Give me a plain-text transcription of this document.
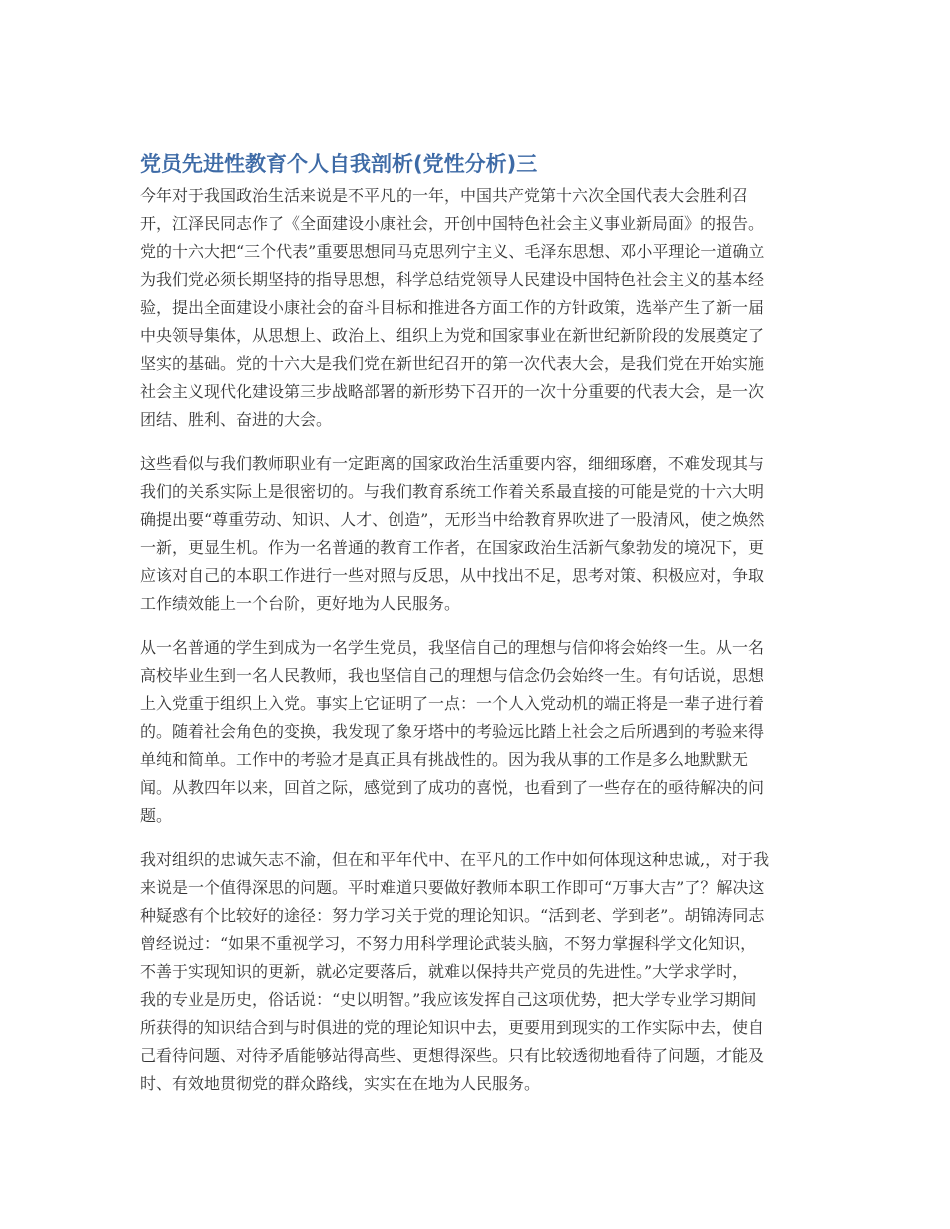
党员先进性教育个人自我剖析(党性分析)三

今年对于我国政治生活来说是不平凡的一年，中国共产党第十六次全国代表大会胜利召
开，江泽民同志作了《全面建设小康社会，开创中国特色社会主义事业新局面》的报告。
党的十六大把“三个代表”重要思想同马克思列宁主义、毛泽东思想、邓小平理论一道确立
为我们党必须长期坚持的指导思想，科学总结党领导人民建设中国特色社会主义的基本经
验，提出全面建设小康社会的奋斗目标和推进各方面工作的方针政策，选举产生了新一届
中央领导集体，从思想上、政治上、组织上为党和国家事业在新世纪新阶段的发展奠定了
坚实的基础。党的十六大是我们党在新世纪召开的第一次代表大会，是我们党在开始实施
社会主义现代化建设第三步战略部署的新形势下召开的一次十分重要的代表大会，是一次
团结、胜利、奋进的大会。

这些看似与我们教师职业有一定距离的国家政治生活重要内容，细细琢磨，不难发现其与
我们的关系实际上是很密切的。与我们教育系统工作着关系最直接的可能是党的十六大明
确提出要“尊重劳动、知识、人才、创造”，无形当中给教育界吹进了一股清风，使之焕然
一新，更显生机。作为一名普通的教育工作者，在国家政治生活新气象勃发的境况下，更
应该对自己的本职工作进行一些对照与反思，从中找出不足，思考对策、积极应对，争取
工作绩效能上一个台阶，更好地为人民服务。

从一名普通的学生到成为一名学生党员，我坚信自己的理想与信仰将会始终一生。从一名
高校毕业生到一名人民教师，我也坚信自己的理想与信念仍会始终一生。有句话说，思想
上入党重于组织上入党。事实上它证明了一点：一个人入党动机的端正将是一辈子进行着
的。随着社会角色的变换，我发现了象牙塔中的考验远比踏上社会之后所遇到的考验来得
单纯和简单。工作中的考验才是真正具有挑战性的。因为我从事的工作是多么地默默无
闻。从教四年以来，回首之际，感觉到了成功的喜悦，也看到了一些存在的亟待解决的问
题。

我对组织的忠诚矢志不渝，但在和平年代中、在平凡的工作中如何体现这种忠诚,，对于我
来说是一个值得深思的问题。平时难道只要做好教师本职工作即可“万事大吉”了？解决这
种疑惑有个比较好的途径：努力学习关于党的理论知识。“活到老、学到老”。胡锦涛同志
曾经说过：“如果不重视学习，不努力用科学理论武装头脑，不努力掌握科学文化知识，
不善于实现知识的更新，就必定要落后，就难以保持共产党员的先进性。”大学求学时，
我的专业是历史，俗话说：“史以明智。”我应该发挥自己这项优势，把大学专业学习期间
所获得的知识结合到与时俱进的党的理论知识中去，更要用到现实的工作实际中去，使自
己看待问题、对待矛盾能够站得高些、更想得深些。只有比较透彻地看待了问题，才能及
时、有效地贯彻党的群众路线，实实在在地为人民服务。
